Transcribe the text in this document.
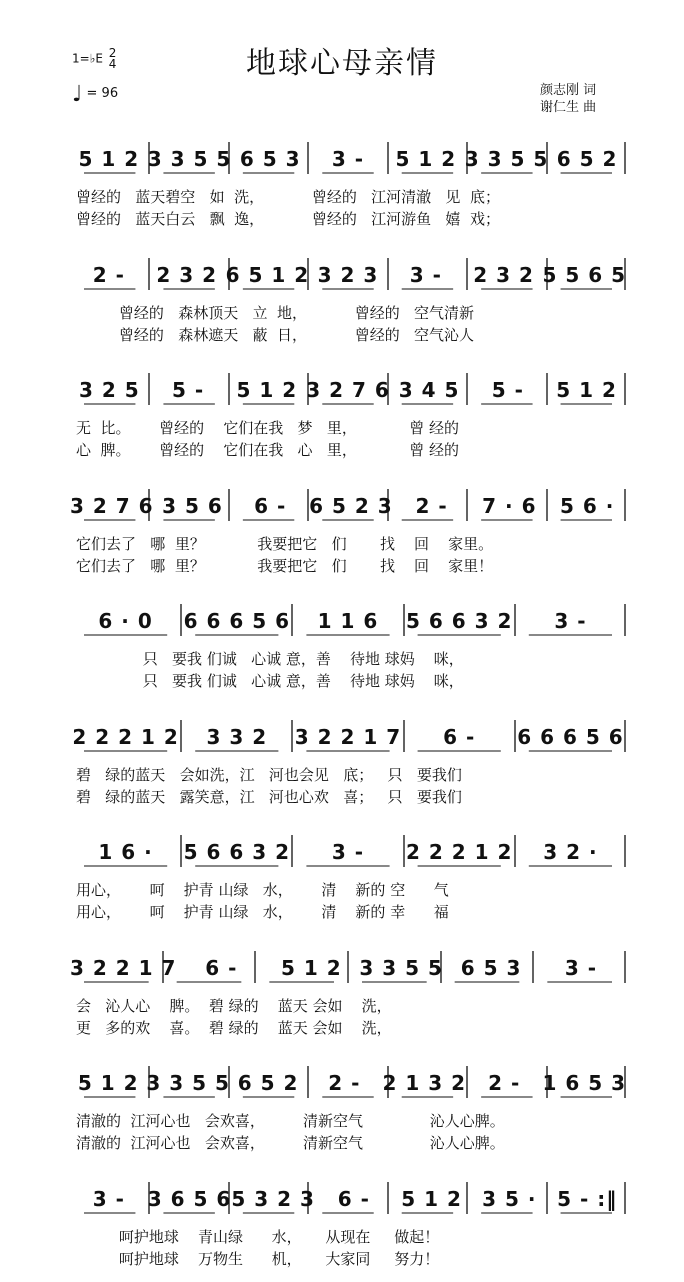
地球心母亲情
1=♭E 2
4
♩ = 96	颜志刚 词
谢仁生 曲
5 1 2 3 3 5 5 6 5 3	3 -	5 1 2 3 3 5 5 6 5 2
曾经的   蓝天碧空   如  洗，          曾经的   江河清澈   见  底；
曾经的   蓝天白云   飘  逸，          曾经的   江河游鱼   嬉  戏；
2 -	2 3 2 6 5 1 2 3 2 3	3 -	2 3 2 5 5 6 5
曾经的   森林顶天   立  地，          曾经的   空气清新
曾经的   森林遮天   蔽  日，          曾经的   空气沁人
3 2 5	5 -	5 1 2 3 2 7 6 3 4 5	5 -	5 1 2
无  比。      曾经的    它们在我   梦   里，           曾 经的
心  脾。      曾经的    它们在我   心   里，           曾 经的
3 2 7 6 3 5 6	6 -	6 5 2 3	2 -	7 · 6	5 6 ·
它们去了   哪  里？           我要把它   们       找    回    家里。
它们去了   哪  里？           我要把它   们       找    回    家里！
6 · 0	6 6 6 5 6	1 1 6	5 6 6 3 2	3 -
只   要我 们诚   心诚 意，善    待地 球妈    咪，
只   要我 们诚   心诚 意，善    待地 球妈    咪，
2 2 2 1 2	3 3 2	3 2 2 1 7	6 -	6 6 6 5 6
碧   绿的蓝天   会如洗，江   河也会见   底；   只   要我们
碧   绿的蓝天   露笑意，江   河也心欢   喜；   只   要我们
1 6 ·	5 6 6 3 2	3 -	2 2 2 1 2	3 2 ·
用心，      呵    护青 山绿   水，      清    新的 空      气
用心，      呵    护青 山绿   水，      清    新的 幸      福
3 2 2 1 7	6 -	5 1 2 3 3 5 5 6 5 3	3 -
会   沁人心    脾。  碧 绿的    蓝天 会如    洗，
更   多的欢    喜。  碧 绿的    蓝天 会如    洗，
5 1 2 3 3 5 5 6 5 2	2 -	2 1 3 2	2 -	1 6 5 3
清澈的  江河心也   会欢喜，        清新空气              沁人心脾。
清澈的  江河心也   会欢喜，        清新空气              沁人心脾。
3 -	3 6 5 6 5 3 2 3	6 -	5 1 2	3 5 ·	5 - :‖
呵护地球    青山绿      水，     从现在     做起！
呵护地球    万物生      机，     大家同     努力！
